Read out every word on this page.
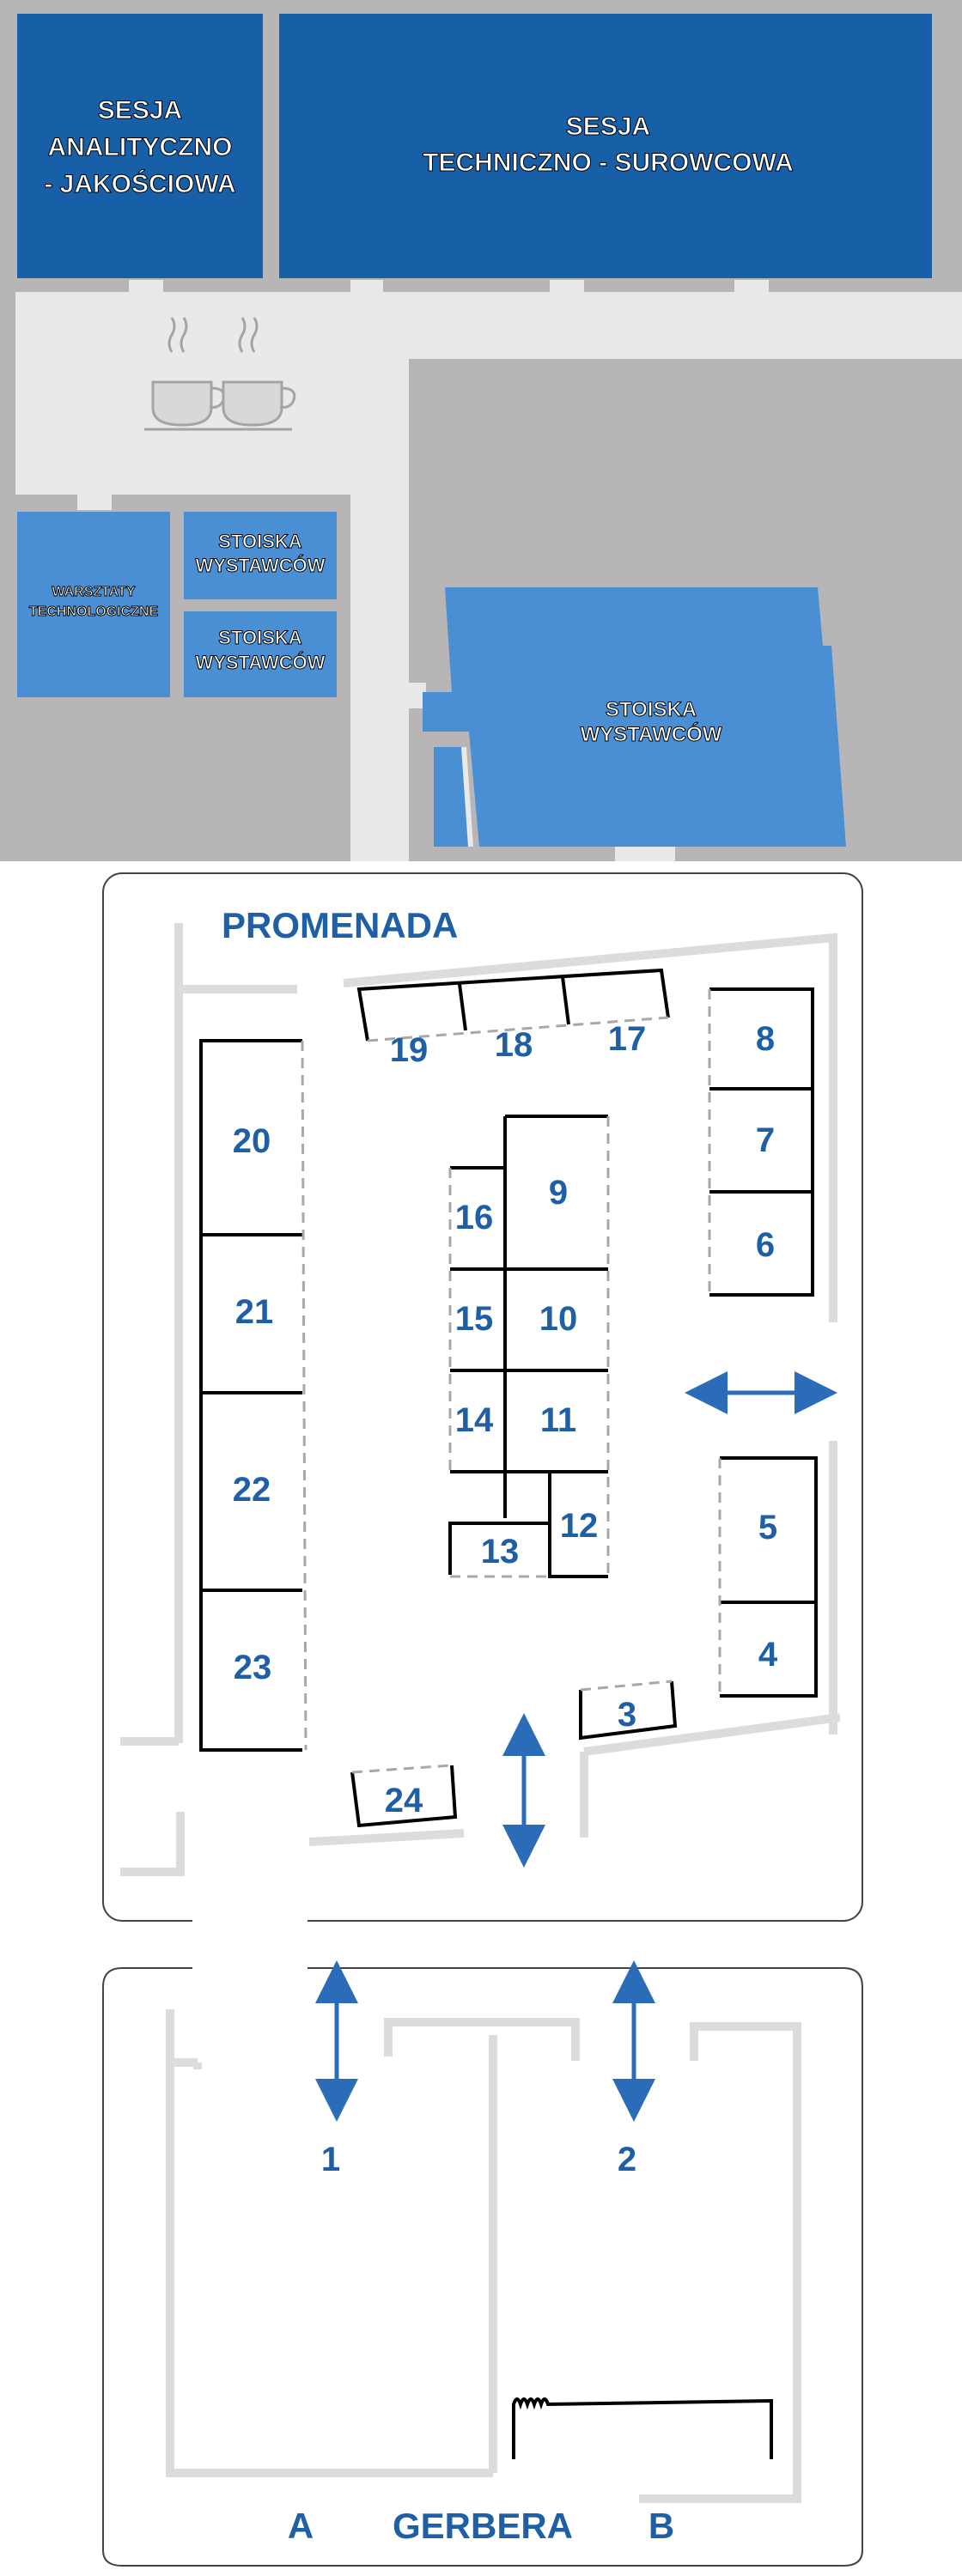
SESJA
ANALITYCZNO
- JAKOŚCIOWA
SESJA
TECHNICZNO - SUROWCOWA
WARSZTATY
TECHNOLOGICZNE
STOISKA
WYSTAWCÓW
STOISKA
WYSTAWCÓW
STOISKA
WYSTAWCÓW
PROMENADA
17
18
19	8
7
6
20
21
22
23
9
16
10
15
11
14
12
13
5
4
3
24
1	2
A GERBERA B
